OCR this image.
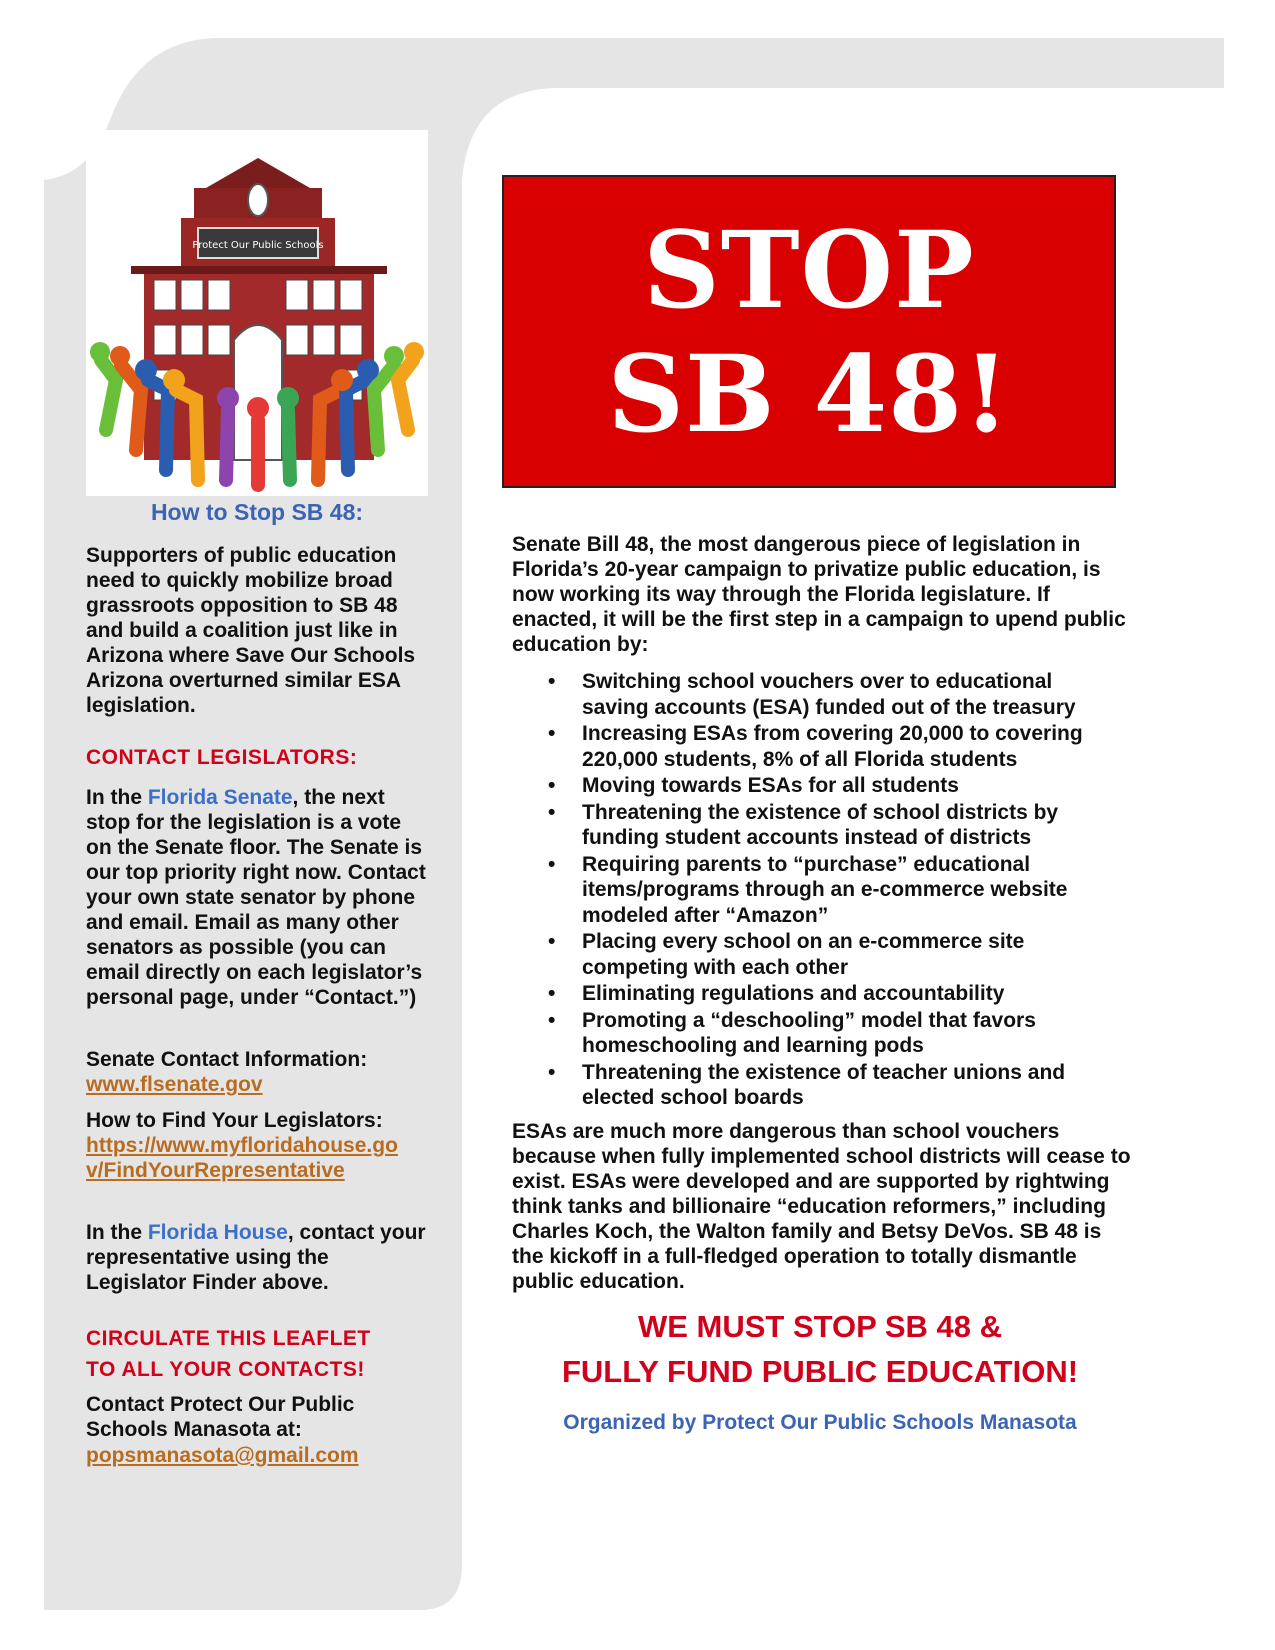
Protect Our Public Schools
How to Stop SB 48:
Supporters of public education need to quickly mobilize broad grassroots opposition to SB 48 and build a coalition just like in Arizona where Save Our Schools Arizona overturned similar ESA legislation.
CONTACT LEGISLATORS:
In the Florida Senate, the next stop for the legislation is a vote on the Senate floor. The Senate is our top priority right now. Contact your own state senator by phone and email. Email as many other senators as possible (you can email directly on each legislator’s personal page, under “Contact.”)
Senate Contact Information:
www.flsenate.gov
How to Find Your Legislators:
https://www.myfloridahouse.go
v/FindYourRepresentative
In the Florida House, contact your representative using the Legislator Finder above.
CIRCULATE THIS LEAFLET
TO ALL YOUR CONTACTS!
Contact Protect Our Public Schools Manasota at:
popsmanasota@gmail.com
STOP
SB 48!
Senate Bill 48, the most dangerous piece of legislation in Florida’s 20-year campaign to privatize public education, is now working its way through the Florida legislature. If enacted, it will be the first step in a campaign to upend public education by:
• Switching school vouchers over to educational saving accounts (ESA) funded out of the treasury
• Increasing ESAs from covering 20,000 to covering 220,000 students, 8% of all Florida students
• Moving towards ESAs for all students
• Threatening the existence of school districts by funding student accounts instead of districts
• Requiring parents to “purchase” educational items/programs through an e-commerce website modeled after “Amazon”
• Placing every school on an e-commerce site competing with each other
• Eliminating regulations and accountability
• Promoting a “deschooling” model that favors homeschooling and learning pods
• Threatening the existence of teacher unions and elected school boards
ESAs are much more dangerous than school vouchers because when fully implemented school districts will cease to exist. ESAs were developed and are supported by rightwing think tanks and billionaire “education reformers,” including Charles Koch, the Walton family and Betsy DeVos. SB 48 is the kickoff in a full-fledged operation to totally dismantle public education.
WE MUST STOP SB 48 &
FULLY FUND PUBLIC EDUCATION!
Organized by Protect Our Public Schools Manasota
